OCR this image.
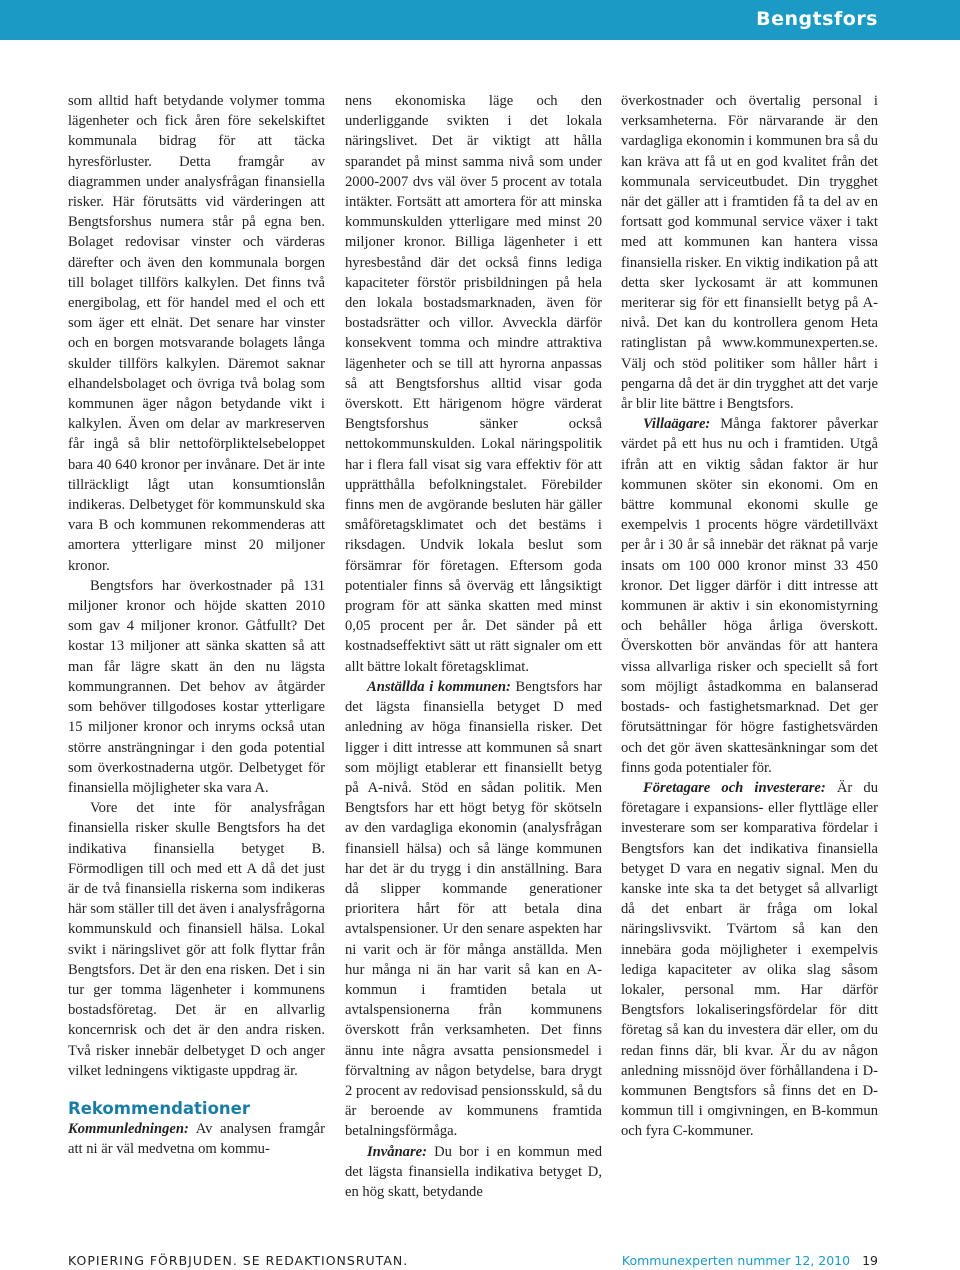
Bengtsfors

som alltid haft betydande volymer tomma lägenheter och fick åren före sekelskiftet kommunala bidrag för att täcka hyresförluster. Detta framgår av diagrammen under analysfrågan finansiella risker. Här förutsätts vid värderingen att Bengtsforshus numera står på egna ben. Bolaget redovisar vinster och värderas därefter och även den kommunala borgen till bolaget tillförs kalkylen. Det finns två energibolag, ett för handel med el och ett som äger ett elnät. Det senare har vinster och en borgen motsvarande bolagets långa skulder tillförs kalkylen. Däremot saknar elhandelsbolaget och övriga två bolag som kommunen äger någon betydande vikt i kalkylen. Även om delar av markreserven får ingå så blir nettoförpliktelsebeloppet bara 40 640 kronor per invånare. Det är inte tillräckligt lågt utan konsumtionslån indikeras. Delbetyget för kommunskuld ska vara B och kommunen rekommenderas att amortera ytterligare minst 20 miljoner kronor.

Bengtsfors har överkostnader på 131 miljoner kronor och höjde skatten 2010 som gav 4 miljoner kronor. Gåtfullt? Det kostar 13 miljoner att sänka skatten så att man får lägre skatt än den nu lägsta kommungrannen. Det behov av åtgärder som behöver tillgodoses kostar ytterligare 15 miljoner kronor och inryms också utan större ansträngningar i den goda potential som överkostnaderna utgör. Delbetyget för finansiella möjligheter ska vara A.

Vore det inte för analysfrågan finansiella risker skulle Bengtsfors ha det indikativa finansiella betyget B. Förmodligen till och med ett A då det just är de två finansiella riskerna som indikeras här som ställer till det även i analysfrågorna kommunskuld och finansiell hälsa. Lokal svikt i näringslivet gör att folk flyttar från Bengtsfors. Det är den ena risken. Det i sin tur ger tomma lägenheter i kommunens bostadsföretag. Det är en allvarlig koncernrisk och det är den andra risken. Två risker innebär delbetyget D och anger vilket ledningens viktigaste uppdrag är.

Rekommendationer

Kommunledningen: Av analysen framgår att ni är väl medvetna om kommu-

nens ekonomiska läge och den underliggande svikten i det lokala näringslivet. Det är viktigt att hålla sparandet på minst samma nivå som under 2000-2007 dvs väl över 5 procent av totala intäkter. Fortsätt att amortera för att minska kommunskulden ytterligare med minst 20 miljoner kronor. Billiga lägenheter i ett hyresbestånd där det också finns lediga kapaciteter förstör prisbildningen på hela den lokala bostadsmarknaden, även för bostadsrätter och villor. Avveckla därför konsekvent tomma och mindre attraktiva lägenheter och se till att hyrorna anpassas så att Bengtsforshus alltid visar goda överskott. Ett härigenom högre värderat Bengtsforshus sänker också nettokommunskulden. Lokal näringspolitik har i flera fall visat sig vara effektiv för att upprätthålla befolkningstalet. Förebilder finns men de avgörande besluten här gäller småföretagsklimatet och det bestäms i riksdagen. Undvik lokala beslut som försämrar för företagen. Eftersom goda potentialer finns så överväg ett långsiktigt program för att sänka skatten med minst 0,05 procent per år. Det sänder på ett kostnadseffektivt sätt ut rätt signaler om ett allt bättre lokalt företagsklimat.

Anställda i kommunen: Bengtsfors har det lägsta finansiella betyget D med anledning av höga finansiella risker. Det ligger i ditt intresse att kommunen så snart som möjligt etablerar ett finansiellt betyg på A-nivå. Stöd en sådan politik. Men Bengtsfors har ett högt betyg för skötseln av den vardagliga ekonomin (analysfrågan finansiell hälsa) och så länge kommunen har det är du trygg i din anställning. Bara då slipper kommande generationer prioritera hårt för att betala dina avtalspensioner. Ur den senare aspekten har ni varit och är för många anställda. Men hur många ni än har varit så kan en A-kommun i framtiden betala ut avtalspensionerna från kommunens överskott från verksamheten. Det finns ännu inte några avsatta pensionsmedel i förvaltning av någon betydelse, bara drygt 2 procent av redovisad pensionsskuld, så du är beroende av kommunens framtida betalningsförmåga.

Invånare: Du bor i en kommun med det lägsta finansiella indikativa betyget D, en hög skatt, betydande

överkostnader och övertalig personal i verksamheterna. För närvarande är den vardagliga ekonomin i kommunen bra så du kan kräva att få ut en god kvalitet från det kommunala serviceutbudet. Din trygghet när det gäller att i framtiden få ta del av en fortsatt god kommunal service växer i takt med att kommunen kan hantera vissa finansiella risker. En viktig indikation på att detta sker lyckosamt är att kommunen meriterar sig för ett finansiellt betyg på A-nivå. Det kan du kontrollera genom Heta ratinglistan på www.kommunexperten.se. Välj och stöd politiker som håller hårt i pengarna då det är din trygghet att det varje år blir lite bättre i Bengtsfors.

Villaägare: Många faktorer påverkar värdet på ett hus nu och i framtiden. Utgå ifrån att en viktig sådan faktor är hur kommunen sköter sin ekonomi. Om en bättre kommunal ekonomi skulle ge exempelvis 1 procents högre värdetillväxt per år i 30 år så innebär det räknat på varje insats om 100 000 kronor minst 33 450 kronor. Det ligger därför i ditt intresse att kommunen är aktiv i sin ekonomistyrning och behåller höga årliga överskott. Överskotten bör användas för att hantera vissa allvarliga risker och speciellt så fort som möjligt åstadkomma en balanserad bostads- och fastighetsmarknad. Det ger förutsättningar för högre fastighetsvärden och det gör även skattesänkningar som det finns goda potentialer för.

Företagare och investerare: Är du företagare i expansions- eller flyttläge eller investerare som ser komparativa fördelar i Bengtsfors kan det indikativa finansiella betyget D vara en negativ signal. Men du kanske inte ska ta det betyget så allvarligt då det enbart är fråga om lokal näringslivsvikt. Tvärtom så kan den innebära goda möjligheter i exempelvis lediga kapaciteter av olika slag såsom lokaler, personal mm. Har därför Bengtsfors lokaliseringsfördelar för ditt företag så kan du investera där eller, om du redan finns där, bli kvar. Är du av någon anledning missnöjd över förhållandena i D-kommunen Bengtsfors så finns det en D-kommun till i omgivningen, en B-kommun och fyra C-kommuner.

KOPIERING FÖRBJUDEN. SE REDAKTIONSRUTAN.	Kommunexperten nummer 12, 2010 19
